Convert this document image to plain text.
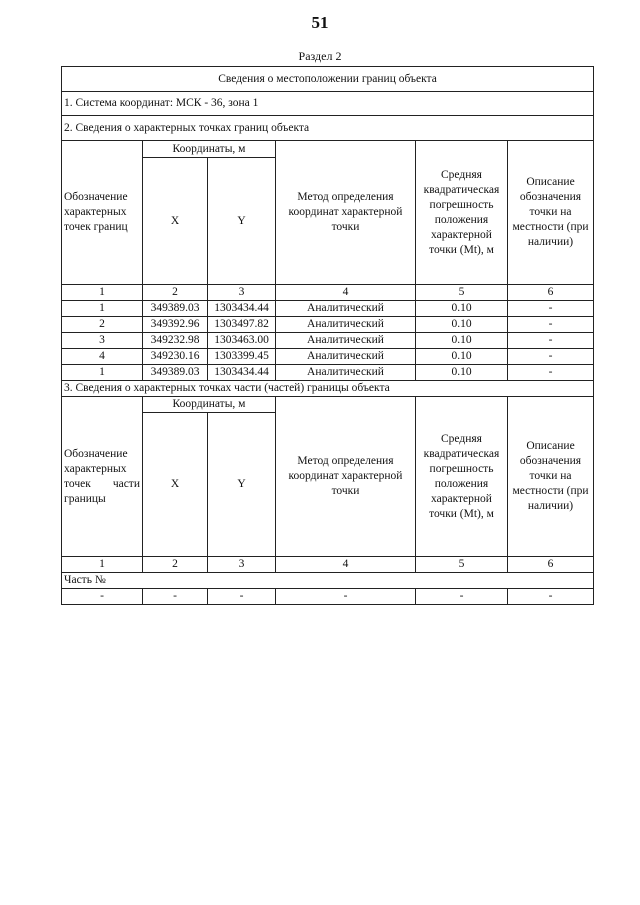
51
Раздел 2
Сведения о местоположении границ объекта					
1. Система координат: МСК - 36, зона 1					
2. Сведения о характерных точках границ объекта					
Обозначение характерных точек границ	Координаты, м		Метод определения координат характерной точки	Средняя квадратическая погрешность положения характерной точки (Mt), м	Описание обозначения точки на местности (при наличии)
	X	Y			
1	2	3	4	5	6
1	349389.03	1303434.44	Аналитический	0.10	-
2	349392.96	1303497.82	Аналитический	0.10	-
3	349232.98	1303463.00	Аналитический	0.10	-
4	349230.16	1303399.45	Аналитический	0.10	-
1	349389.03	1303434.44	Аналитический	0.10	-
3. Сведения о характерных точках части (частей) границы объекта					
Обозначение характерных точек части границы	Координаты, м		Метод определения координат характерной точки	Средняя квадратическая погрешность положения характерной точки (Mt), м	Описание обозначения точки на местности (при наличии)
	X	Y			
1	2	3	4	5	6
Часть №					
-	-	-	-	-	-
